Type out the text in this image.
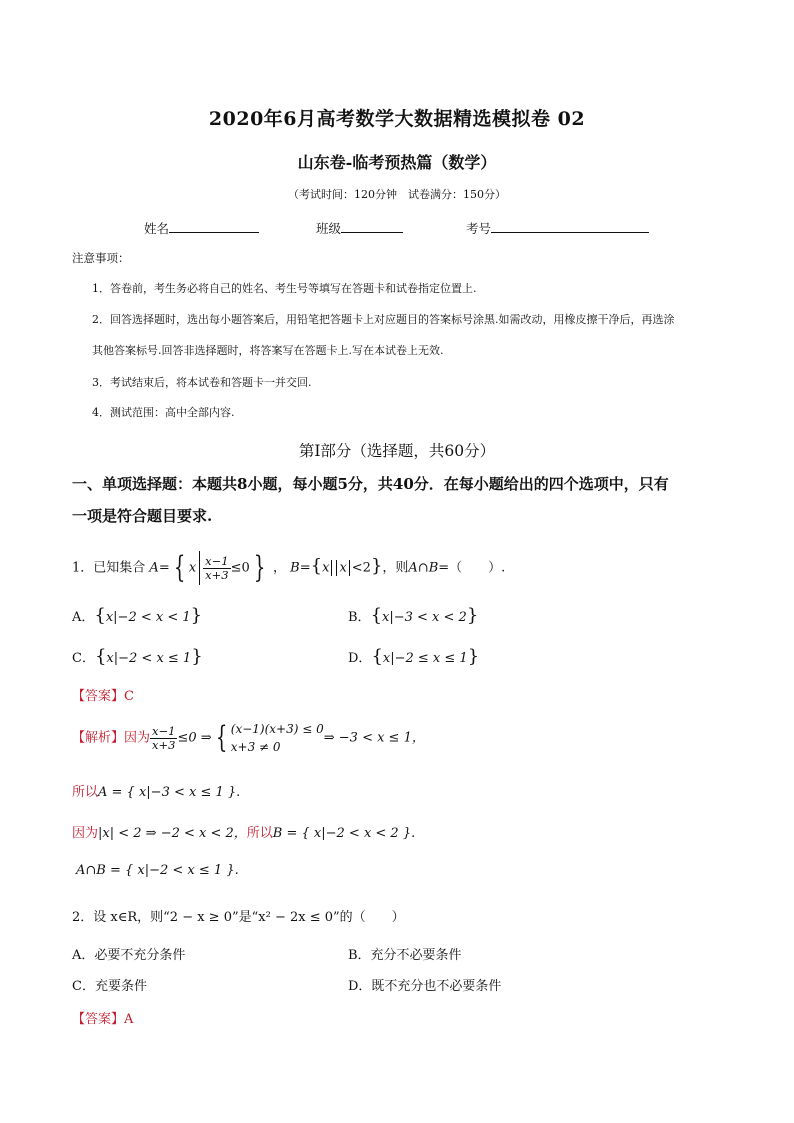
2020年6月高考数学大数据精选模拟卷 02
山东卷-临考预热篇（数学）
（考试时间：120分钟　试卷满分：150分）
姓名	班级	考号
注意事项：
1．答卷前，考生务必将自己的姓名、考生号等填写在答题卡和试卷指定位置上.
2．回答选择题时，选出每小题答案后，用铅笔把答题卡上对应题目的答案标号涂黑.如需改动，用橡皮擦干净后，再选涂
其他答案标号.回答非选择题时，将答案写在答题卡上.写在本试卷上无效.
3．考试结束后，将本试卷和答题卡一并交回.
4．测试范围：高中全部内容.
第Ⅰ部分（选择题，共60分）
一、单项选择题：本题共8小题，每小题5分，共40分．在每小题给出的四个选项中，只有
一项是符合题目要求.
1．已知集合 A= { x $\frac{x-1}{x+3} \le 0$ } ， B={x x <2}，则A∩B=（　　）.
A．{x|−2 < x < 1}	B．{x|−3 < x < 2}
C．{x|−2 < x ≤ 1}	D．{x|−2 ≤ x ≤ 1}
【答案】C
【解析】因为 $\frac{x-1}{x+3} \le 0$ ⇒ { (x−1)(x+3) ≤ 0
x+3 ≠ 0
⇒ −3 < x ≤ 1，
所以A = { x|−3 < x ≤ 1 }.
因为|x| < 2 ⇒ −2 < x < 2，所以B = { x|−2 < x < 2 }.
A∩B = { x|−2 < x ≤ 1 }.
2．设 x∈R，则“2 − x ≥ 0”是“x² − 2x ≤ 0”的（　　）
A．必要不充分条件	B．充分不必要条件
C．充要条件	D．既不充分也不必要条件
【答案】A
